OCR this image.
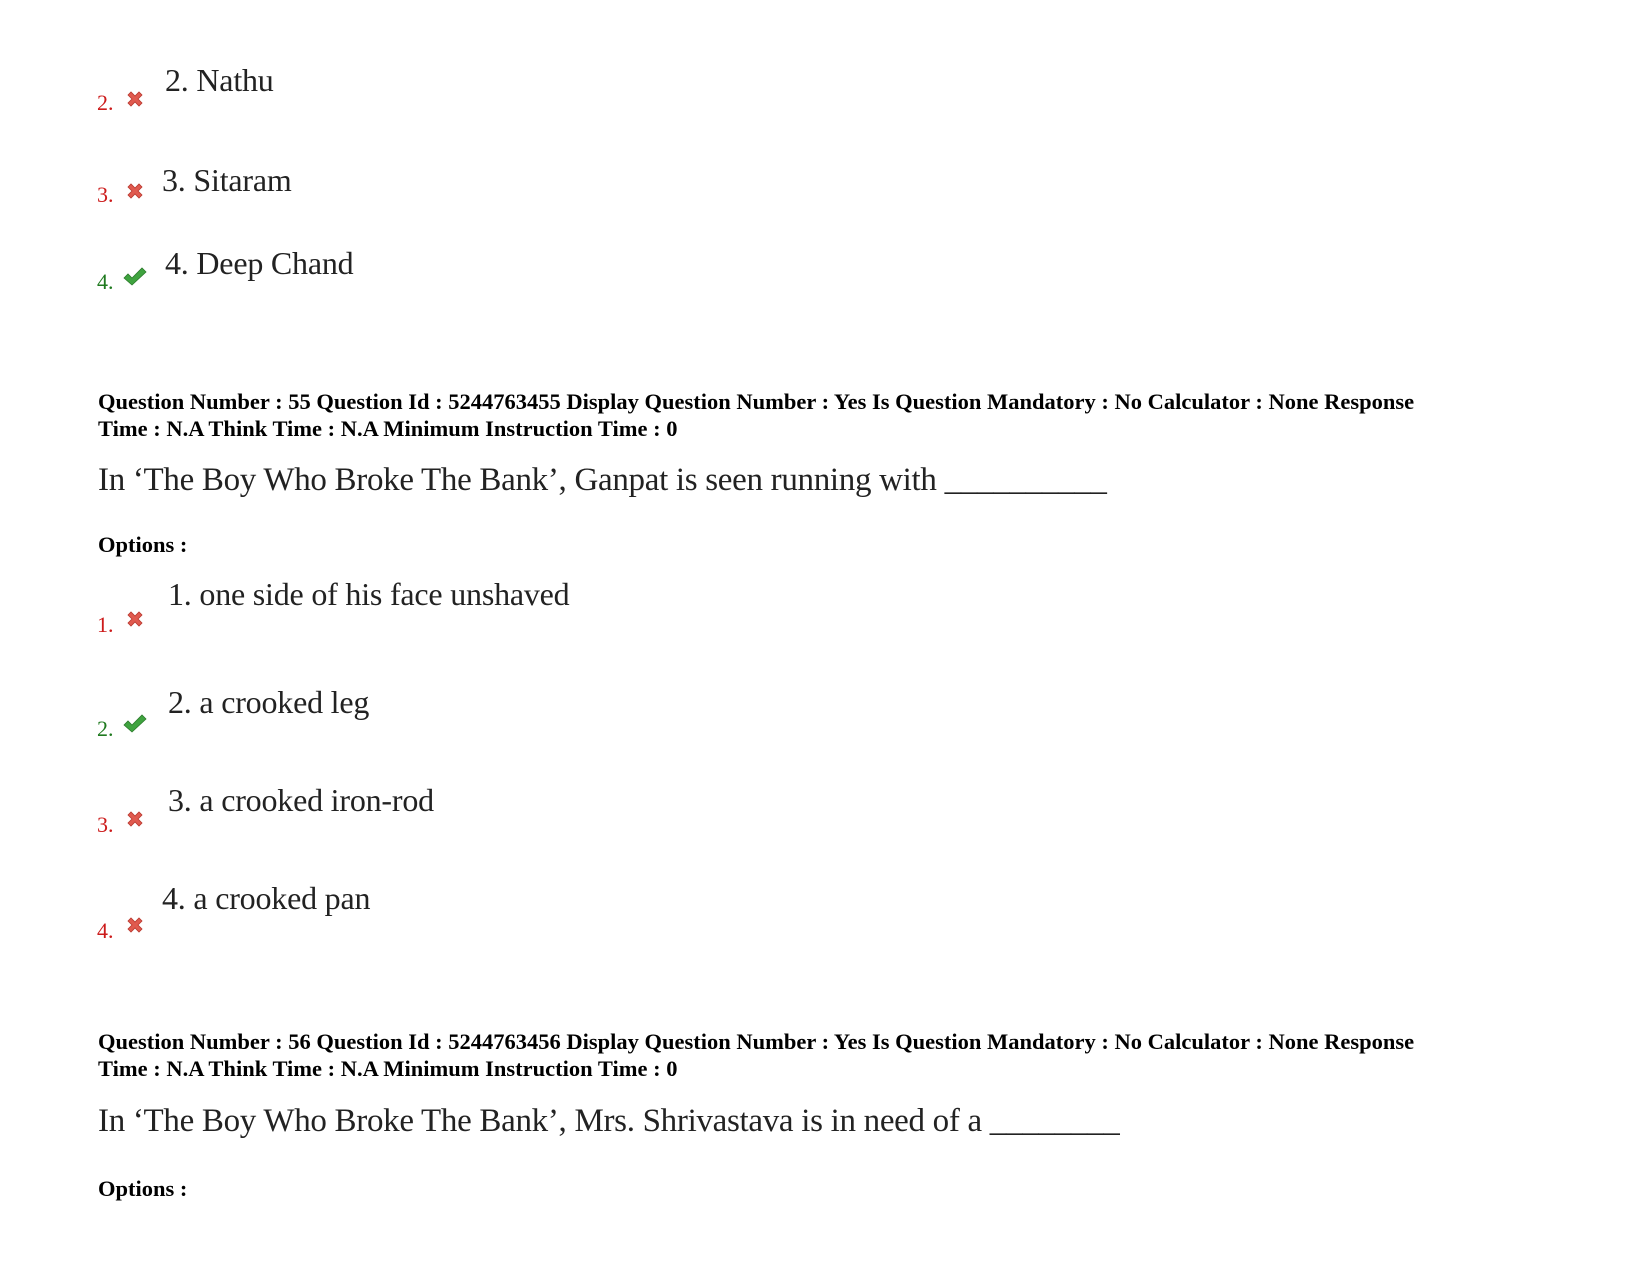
2.
2. Nathu
3. 3. Sitaram
4.
4. Deep Chand
Question Number : 55 Question Id : 5244763455 Display Question Number : Yes Is Question Mandatory : No Calculator : None Response
Time : N.A Think Time : N.A Minimum Instruction Time : 0
In ‘The Boy Who Broke The Bank’, Ganpat is seen running with __________
Options :
1.
1. one side of his face unshaved
2.
2. a crooked leg
3.
3. a crooked iron-rod
4.
4. a crooked pan
Question Number : 56 Question Id : 5244763456 Display Question Number : Yes Is Question Mandatory : No Calculator : None Response
Time : N.A Think Time : N.A Minimum Instruction Time : 0
In ‘The Boy Who Broke The Bank’, Mrs. Shrivastava is in need of a ________
Options :
